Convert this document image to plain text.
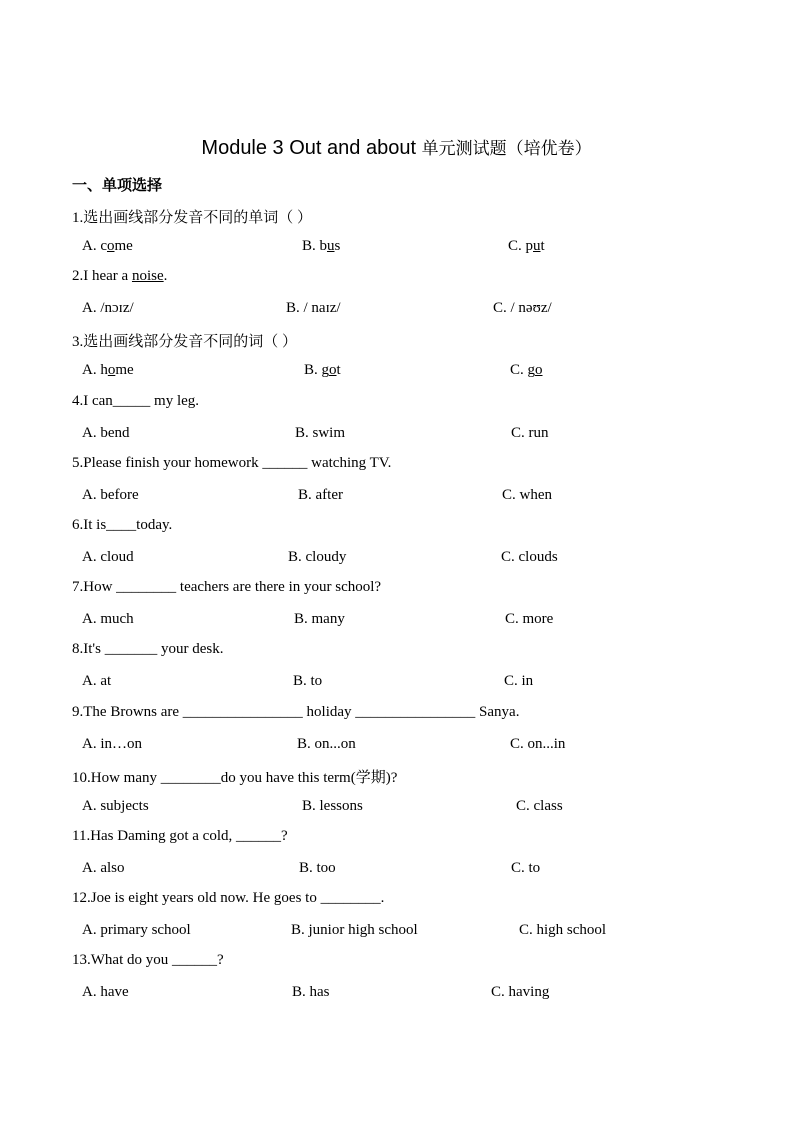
Module 3 Out and about 单元测试题（培优卷）
一、单项选择
1.选出画线部分发音不同的单词（ ）
A. come	B. bus	C. put
2.I hear a noise.
A. /nɔɪz/	B. / naɪz/	C. / nəʊz/
3.选出画线部分发音不同的词（ ）
A. home	B. got	C. go
4.I can_____ my leg.
A. bend	B. swim	C. run
5.Please finish your homework ______ watching TV.
A. before	B. after	C. when
6.It is____today.
A. cloud	B. cloudy	C. clouds
7.How ________ teachers are there in your school?
A. much	B. many	C. more
8.It's _______ your desk.
A. at	B. to	C. in
9.The Browns are ________________ holiday ________________ Sanya.
A. in…on	B. on...on	C. on...in
10.How many ________do you have this term(学期)?
A. subjects	B. lessons	C. class
11.Has Daming got a cold, ______?
A. also	B. too	C. to
12.Joe is eight years old now. He goes to ________.
A. primary school	B. junior high school	C. high school
13.What do you ______?
A. have	B. has	C. having
